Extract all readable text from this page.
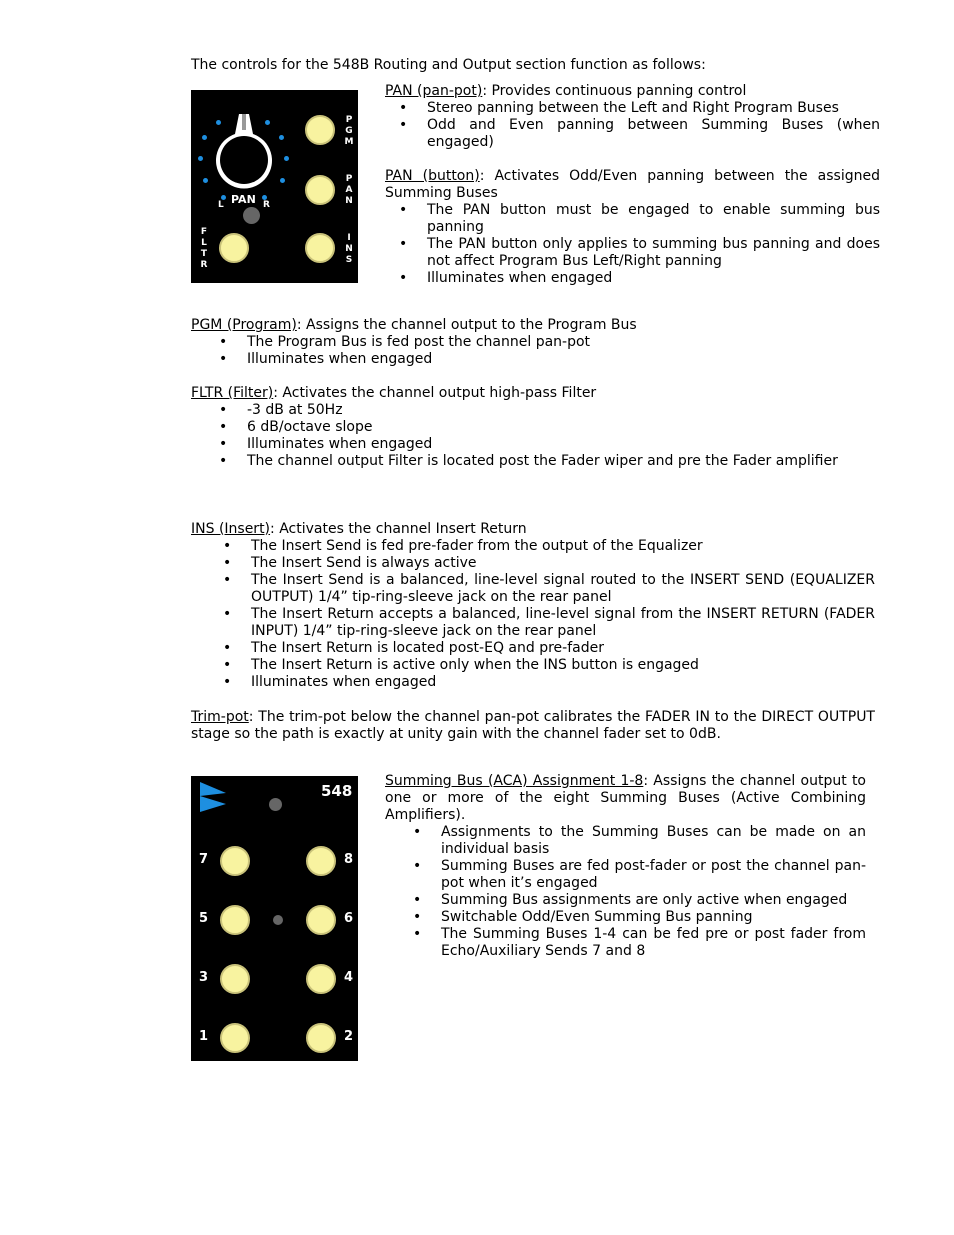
The controls for the 548B Routing and Output section function as follows:

L PAN R
P
G
M
P
A
N
I
N
S
F
L
T
R

PAN (pan-pot): Provides continuous panning control

• Stereo panning between the Left and Right Program Buses
• Odd and Even panning between Summing Buses (when engaged)

PAN (button): Activates Odd/Even panning between the assigned Summing Buses

• The PAN button must be engaged to enable summing bus panning
• The PAN button only applies to summing bus panning and does not affect Program Bus Left/Right panning
• Illuminates when engaged

PGM (Program): Assigns the channel output to the Program Bus

• The Program Bus is fed post the channel pan-pot
• Illuminates when engaged

FLTR (Filter): Activates the channel output high-pass Filter

• -3 dB at 50Hz
• 6 dB/octave slope
• Illuminates when engaged
• The channel output Filter is located post the Fader wiper and pre the Fader amplifier

INS (Insert): Activates the channel Insert Return

• The Insert Send is fed pre-fader from the output of the Equalizer
• The Insert Send is always active
• The Insert Send is a balanced, line-level signal routed to the INSERT SEND (EQUALIZER OUTPUT) 1/4” tip-ring-sleeve jack on the rear panel
• The Insert Return accepts a balanced, line-level signal from the INSERT RETURN (FADER INPUT) 1/4” tip-ring-sleeve jack on the rear panel
• The Insert Return is located post-EQ and pre-fader
• The Insert Return is active only when the INS button is engaged
• Illuminates when engaged

Trim-pot: The trim-pot below the channel pan-pot calibrates the FADER IN to the DIRECT OUTPUT stage so the path is exactly at unity gain with the channel fader set to 0dB.

548
7	8
5	6
3	4
1	2

Summing Bus (ACA) Assignment 1-8: Assigns the channel output to one or more of the eight Summing Buses (Active Combining Amplifiers).

• Assignments to the Summing Buses can be made on an individual basis
• Summing Buses are fed post-fader or post the channel pan-pot when it’s engaged
• Summing Bus assignments are only active when engaged
• Switchable Odd/Even Summing Bus panning
• The Summing Buses 1-4 can be fed pre or post fader from Echo/Auxiliary Sends 7 and 8
